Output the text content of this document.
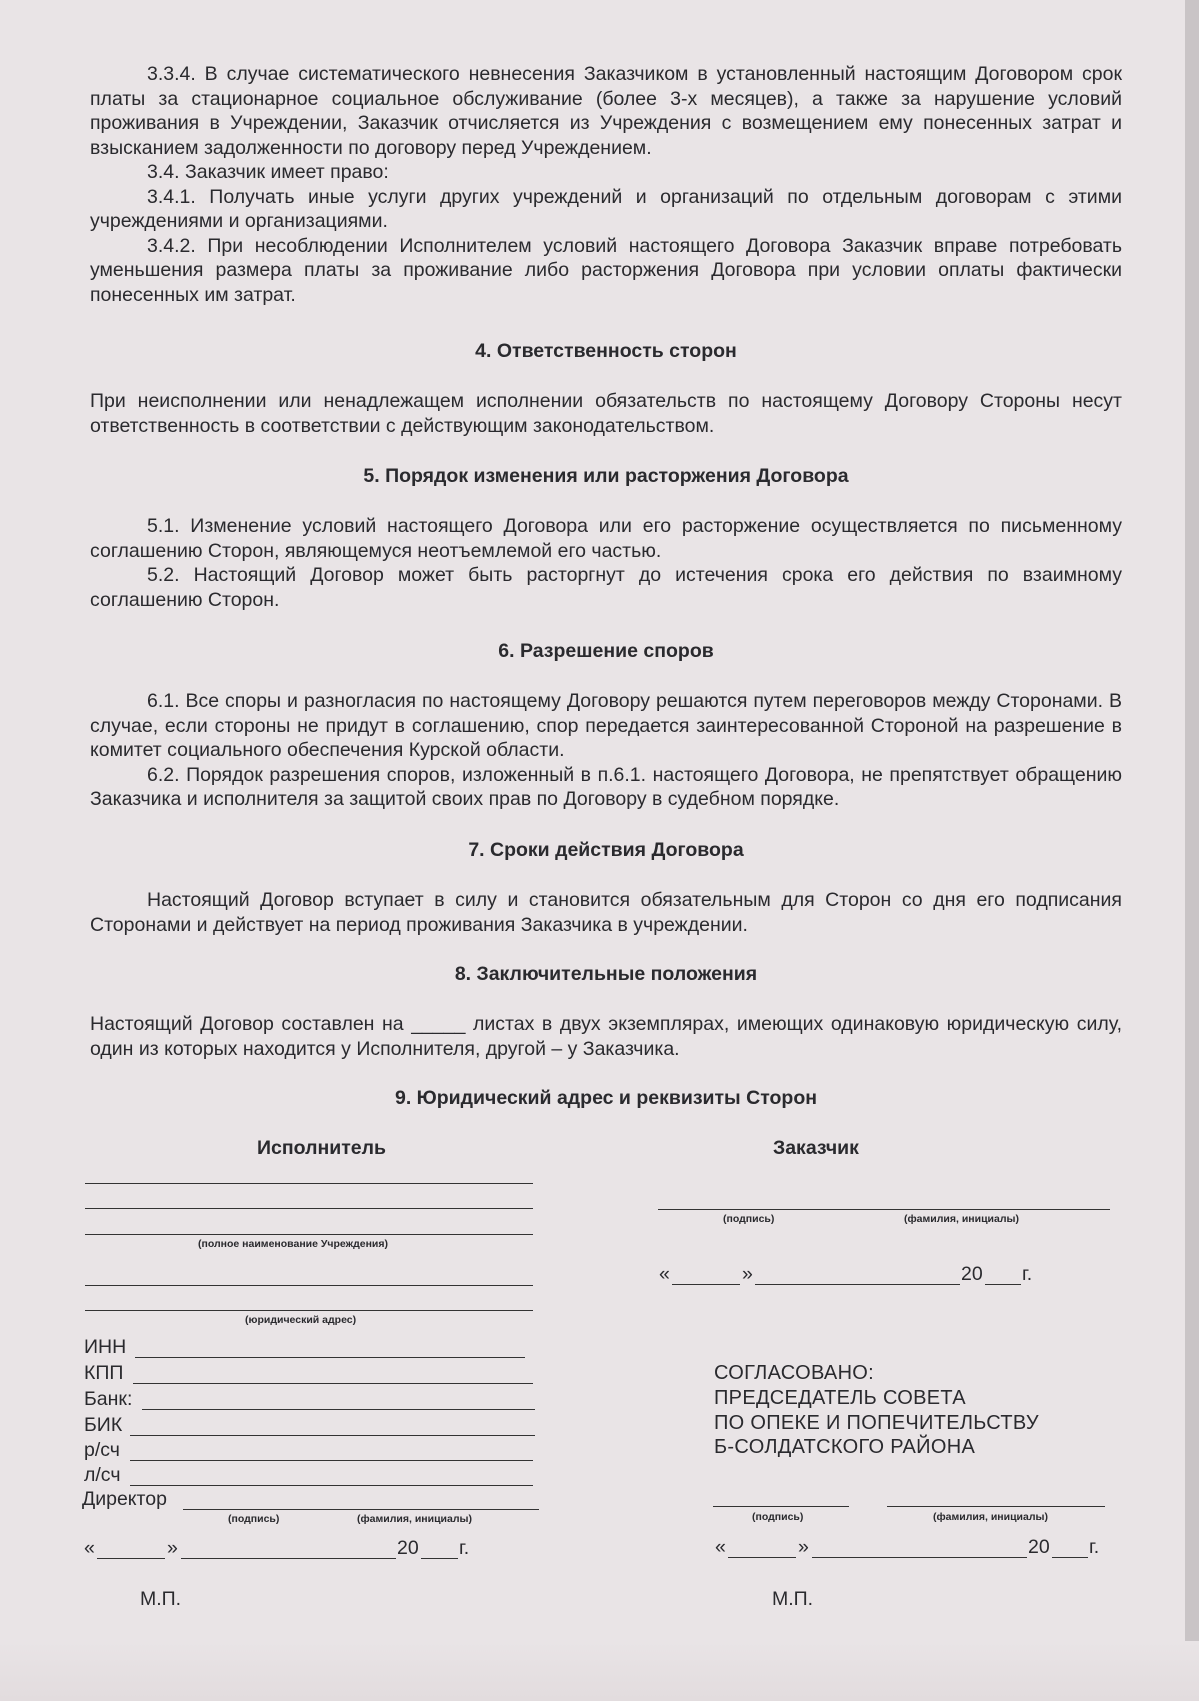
3.3.4. В случае систематического невнесения Заказчиком в установленный настоящим Договором срок платы за стационарное социальное обслуживание (более 3-х месяцев), а также за нарушение условий проживания в Учреждении, Заказчик отчисляется из Учреждения с возмещением ему понесенных затрат и взысканием задолженности по договору перед Учреждением.

3.4. Заказчик имеет право:

3.4.1. Получать иные услуги других учреждений и организаций по отдельным договорам с этими учреждениями и организациями.

3.4.2. При несоблюдении Исполнителем условий настоящего Договора Заказчик вправе потребовать уменьшения размера платы за проживание либо расторжения Договора при условии оплаты фактически понесенных им затрат.

4. Ответственность сторон

При неисполнении или ненадлежащем исполнении обязательств по настоящему Договору Стороны несут ответственность в соответствии с действующим законодательством.

5. Порядок изменения или расторжения Договора

5.1. Изменение условий настоящего Договора или его расторжение осуществляется по письменному соглашению Сторон, являющемуся неотъемлемой его частью.

5.2. Настоящий Договор может быть расторгнут до истечения срока его действия по взаимному соглашению Сторон.

6. Разрешение споров

6.1. Все споры и разногласия по настоящему Договору решаются путем переговоров между Сторонами. В случае, если стороны не придут в соглашению, спор передается заинтересованной Стороной на разрешение в комитет социального обеспечения Курской области.

6.2. Порядок разрешения споров, изложенный в п.6.1. настоящего Договора, не препятствует обращению Заказчика и исполнителя за защитой своих прав по Договору в судебном порядке.

7. Сроки действия Договора

Настоящий Договор вступает в силу и становится обязательным для Сторон со дня его подписания Сторонами и действует на период проживания Заказчика в учреждении.

8. Заключительные положения

Настоящий Договор составлен на _____ листах в двух экземплярах, имеющих одинаковую юридическую силу, один из которых находится у Исполнителя, другой – у Заказчика.

9. Юридический адрес и реквизиты Сторон
Исполнитель
(полное наименование Учреждения)
(юридический адрес)
ИНН
КПП
Банк:
БИК
р/сч
л/сч
Директор
(подпись)	(фамилия, инициалы)
«	»	20 г.
М.П.
Заказчик
(подпись)	(фамилия, инициалы)
«	»	20 г.
СОГЛАСОВАНО:
ПРЕДСЕДАТЕЛЬ СОВЕТА
ПО ОПЕКЕ И ПОПЕЧИТЕЛЬСТВУ
Б-СОЛДАТСКОГО РАЙОНА
(подпись)	(фамилия, инициалы)
«	»	20 г.
М.П.
